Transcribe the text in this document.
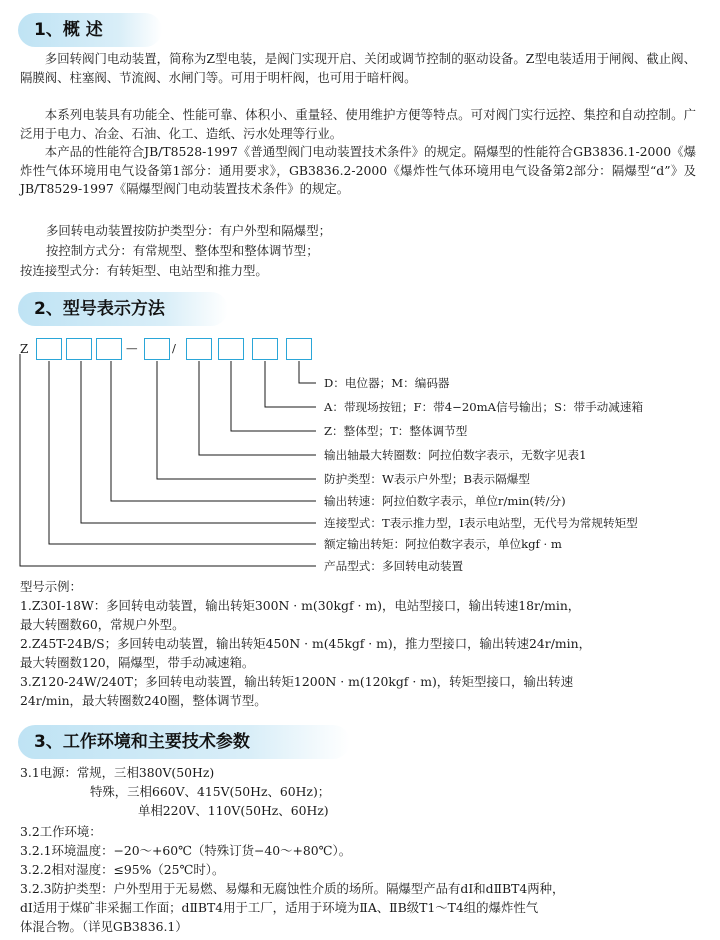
1、概 述

多回转阀门电动装置，简称为Z型电装，是阀门实现开启、关闭或调节控制的驱动设备。Z型电装适用于闸阀、截止阀、隔膜阀、柱塞阀、节流阀、水闸门等。可用于明杆阀，也可用于暗杆阀。

本系列电装具有功能全、性能可靠、体积小、重量轻、使用维护方便等特点。可对阀门实行远控、集控和自动控制。广泛用于电力、冶金、石油、化工、造纸、污水处理等行业。

本产品的性能符合JB/T8528-1997《普通型阀门电动装置技术条件》的规定。隔爆型的性能符合GB3836.1-2000《爆炸性气体环境用电气设备第1部分：通用要求》，GB3836.2-2000《爆炸性气体环境用电气设备第2部分：隔爆型“d”》及JB/T8529-1997《隔爆型阀门电动装置技术条件》的规定。

多回转电动装置按防护类型分：有户外型和隔爆型；

按控制方式分：有常规型、整体型和整体调节型；

按连接型式分：有转矩型、电站型和推力型。

2、型号表示方法
Z	—	/
D：电位器；M：编码器
A：带现场按钮；F：带4−20mA信号输出；S：带手动减速箱
Z：整体型；T：整体调节型
输出轴最大转圈数：阿拉伯数字表示，无数字见表1
防护类型：W表示户外型；B表示隔爆型
输出转速：阿拉伯数字表示，单位r/min(转/分)
连接型式：T表示推力型，I表示电站型，无代号为常规转矩型
额定输出转矩：阿拉伯数字表示，单位kgf · m
产品型式：多回转电动装置

型号示例：

1.Z30I-18W：多回转电动装置，输出转矩300N · m(30kgf · m)，电站型接口，输出转速18r/min，

最大转圈数60，常规户外型。

2.Z45T-24B/S；多回转电动装置，输出转矩450N · m(45kgf · m)，推力型接口，输出转速24r/min，

最大转圈数120，隔爆型，带手动减速箱。

3.Z120-24W/240T；多回转电动装置，输出转矩1200N · m(120kgf · m)，转矩型接口，输出转速

24r/min，最大转圈数240圈，整体调节型。

3、工作环境和主要技术参数

3.1电源：常规，三相380V(50Hz)

特殊，三相660V、415V(50Hz、60Hz)；

单相220V、110V(50Hz、60Hz)

3.2工作环境：

3.2.1环境温度：−20～+60℃（特殊订货−40～+80℃）。

3.2.2相对湿度：≤95%（25℃时）。

3.2.3防护类型：户外型用于无易燃、易爆和无腐蚀性介质的场所。隔爆型产品有dⅠ和dⅡBT4两种，

dⅠ适用于煤矿非采掘工作面；dⅡBT4用于工厂，适用于环境为ⅡA、ⅡB级T1～T4组的爆炸性气

体混合物。（详见GB3836.1）
